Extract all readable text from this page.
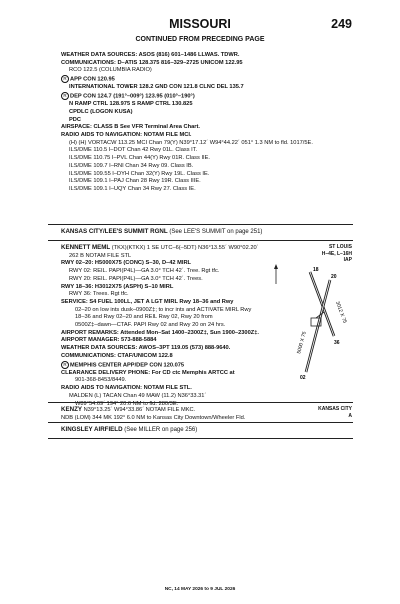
MISSOURI	249
CONTINUED FROM PRECEDING PAGE
WEATHER DATA SOURCES: ASOS (816) 601–1486 LLWAS. TDWR.
COMMUNICATIONS: D–ATIS 128.375 816–329–2725 UNICOM 122.95
RCO 122.5 (COLUMBIA RADIO)
R APP CON 120.95
INTERNATIONAL TOWER 128.2 GND CON 121.8 CLNC DEL 135.7
R DEP CON 124.7 (191°–009°) 123.95 (010°–190°)
N RAMP CTRL 128.975 S RAMP CTRL 130.825
CPDLC (LOGON KUSA)
PDC
AIRSPACE: CLASS B See VFR Terminal Area Chart.
RADIO AIDS TO NAVIGATION: NOTAM FILE MCI.
(H) (H) VORTACW 113.25 MCI Chan 79(Y) N39°17.12´ W94°44.22´ 051° 1.3 NM to fld. 1017/5E.
ILS/DME 110.5 I–DOT Chan 42 Rwy 01L. Class IT.
ILS/DME 110.75 I–PVL Chan 44(Y) Rwy 01R. Class IIE.
ILS/DME 109.7 I–RNI Chan 34 Rwy 09. Class IB.
ILS/DME 109.55 I–DYH Chan 32(Y) Rwy 19L. Class IE.
ILS/DME 109.1 I–PAJ Chan 28 Rwy 19R. Class IIIE.
ILS/DME 109.1 I–UQY Chan 34 Rwy 27. Class IE.
KANSAS CITY/LEE'S SUMMIT RGNL (See LEE'S SUMMIT on page 251)
KENNETT MEML (TKX)(KTKX) 1 SE UTC–6(–5DT) N36°13.55´ W90°02.20´
262 B NOTAM FILE STL
RWY 02–20: H5000X75 (CONC) S–30, D–42 MIRL
RWY 02: REIL. PAPI(P4L)—GA 3.0° TCH 42´. Tree. Rgt tfc.
RWY 20: REIL. PAPI(P4L)—GA 3.0° TCH 42´. Trees.
RWY 18–36: H3012X75 (ASPH) S–10 MIRL
RWY 36: Trees. Rgt tfc.
SERVICE: S4 FUEL 100LL, JET A LGT MIRL Rwy 18–36 and Rwy
02–20 on low ints dusk–0900Z‡; to incr ints and ACTIVATE MIRL Rwy
18–36 and Rwy 02–20 and REIL Rwy 02, Rwy 20 from
0500Z‡–dawn—CTAF. PAPI Rwy 02 and Rwy 20 on 24 hrs.
AIRPORT REMARKS: Attended Mon–Sat 1400–2300Z‡, Sun 1900–2300Z‡.
AIRPORT MANAGER: 573-888-5884
WEATHER DATA SOURCES: AWOS–3PT 119.05 (573) 888-9640.
COMMUNICATIONS: CTAF/UNICOM 122.8
R MEMPHIS CENTER APP/DEP CON 120.075
CLEARANCE DELIVERY PHONE: For CD ctc Memphis ARTCC at
901-368-8453/8449.
RADIO AIDS TO NAVIGATION: NOTAM FILE STL.
MALDEN (L) TACAN Chan 49 MAW (11.2) N36°33.31´
W89°54.69´ 194° 20.6 NM to fld. 280/3E.
ST LOUIS
H–4E, L–16H
IAP
3012 X 75
5000 X 75
18
36
02
20
KENZY N39°13.25´ W94°33.86´ NOTAM FILE MKC.
NDB (LOM) 344 MK 192° 6.0 NM to Kansas City Downtown/Wheeler Fld.
KANSAS CITY
A
KINGSLEY AIRFIELD (See MILLER on page 256)
NC, 14 MAY 2026 to 9 JUL 2026
